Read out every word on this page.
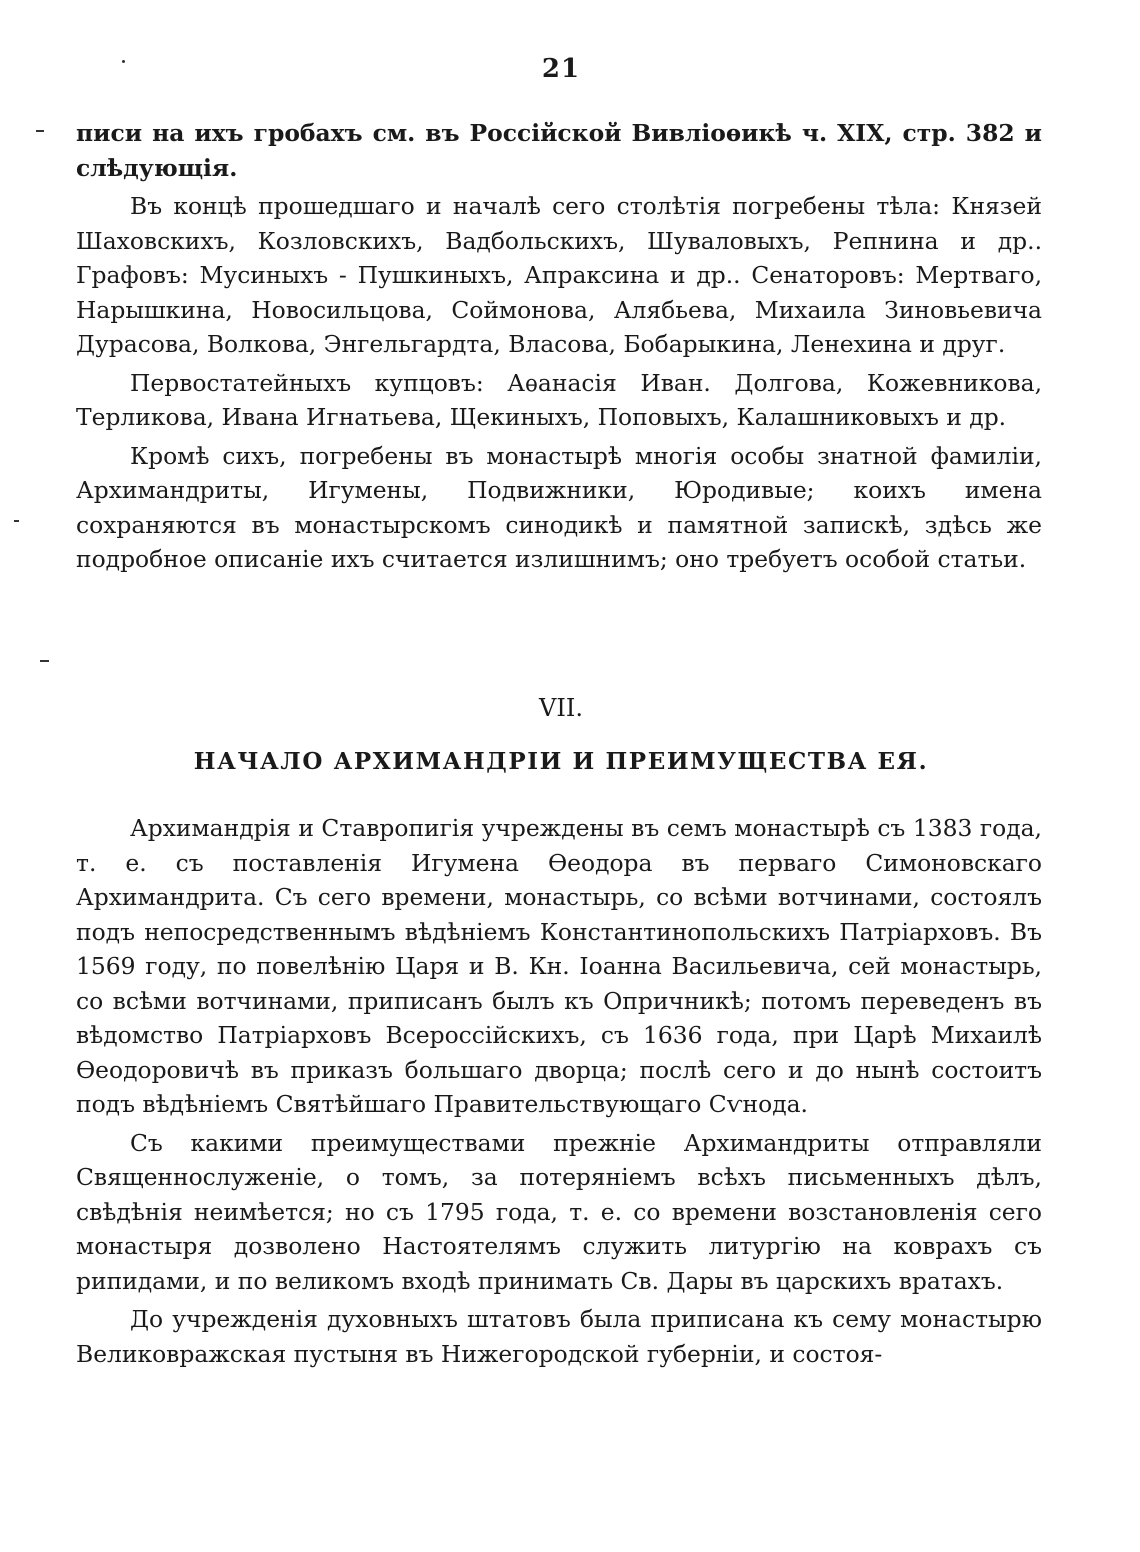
21

писи на ихъ гробахъ см. въ Россійской Вивліоѳикѣ ч. XIX, стр. 382 и слѣдующія.

Въ концѣ прошедшаго и началѣ сего столѣтія погребены тѣла: Князей Шаховскихъ, Козловскихъ, Вадбольскихъ, Шуваловыхъ, Репнина и др.. Графовъ: Мусиныхъ - Пушкиныхъ, Апраксина и др.. Сенаторовъ: Мертваго, Нарышкина, Новосильцова, Соймонова, Алябьева, Михаила Зиновьевича Дурасова, Волкова, Энгельгардта, Власова, Бобарыкина, Ленехина и друг.

Первостатейныхъ купцовъ: Аѳанасія Иван. Долгова, Кожевникова, Терликова, Ивана Игнатьева, Щекиныхъ, Поповыхъ, Калашниковыхъ и др.

Кромѣ сихъ, погребены въ монастырѣ многія особы знатной фамиліи, Архимандриты, Игумены, Подвижники, Юродивые; коихъ имена сохраняются въ монастырскомъ синодикѣ и памятной запискѣ, здѣсь же подробное описаніе ихъ считается излишнимъ; оно требуетъ особой статьи.

VII.
НАЧАЛО АРХИМАНДРІИ И ПРЕИМУЩЕСТВА ЕЯ.

Архимандрія и Ставропигія учреждены въ семъ монастырѣ съ 1383 года, т. е. съ поставленія Игумена Ѳеодора въ перваго Симоновскаго Архимандрита. Съ сего времени, монастырь, со всѣми вотчинами, состоялъ подъ непосредственнымъ вѣдѣніемъ Константинопольскихъ Патріарховъ. Въ 1569 году, по повелѣнію Царя и В. Кн. Іоанна Васильевича, сей монастырь, со всѣми вотчинами, приписанъ былъ къ Опричникѣ; потомъ переведенъ въ вѣдомство Патріарховъ Всероссійскихъ, съ 1636 года, при Царѣ Михаилѣ Ѳеодоровичѣ въ приказъ большаго дворца; послѣ сего и до нынѣ состоитъ подъ вѣдѣніемъ Святѣйшаго Правительствующаго Сѵнода.

Съ какими преимуществами прежніе Архимандриты отправляли Священнослуженіе, о томъ, за потеряніемъ всѣхъ письменныхъ дѣлъ, свѣдѣнія неимѣется; но съ 1795 года, т. е. со времени возстановленія сего монастыря дозволено Настоятелямъ служить литургію на коврахъ съ рипидами, и по великомъ входѣ принимать Св. Дары въ царскихъ вратахъ.

До учрежденія духовныхъ штатовъ была приписана къ сему монастырю Великовражская пустыня въ Нижегородской губерніи, и состоя-
